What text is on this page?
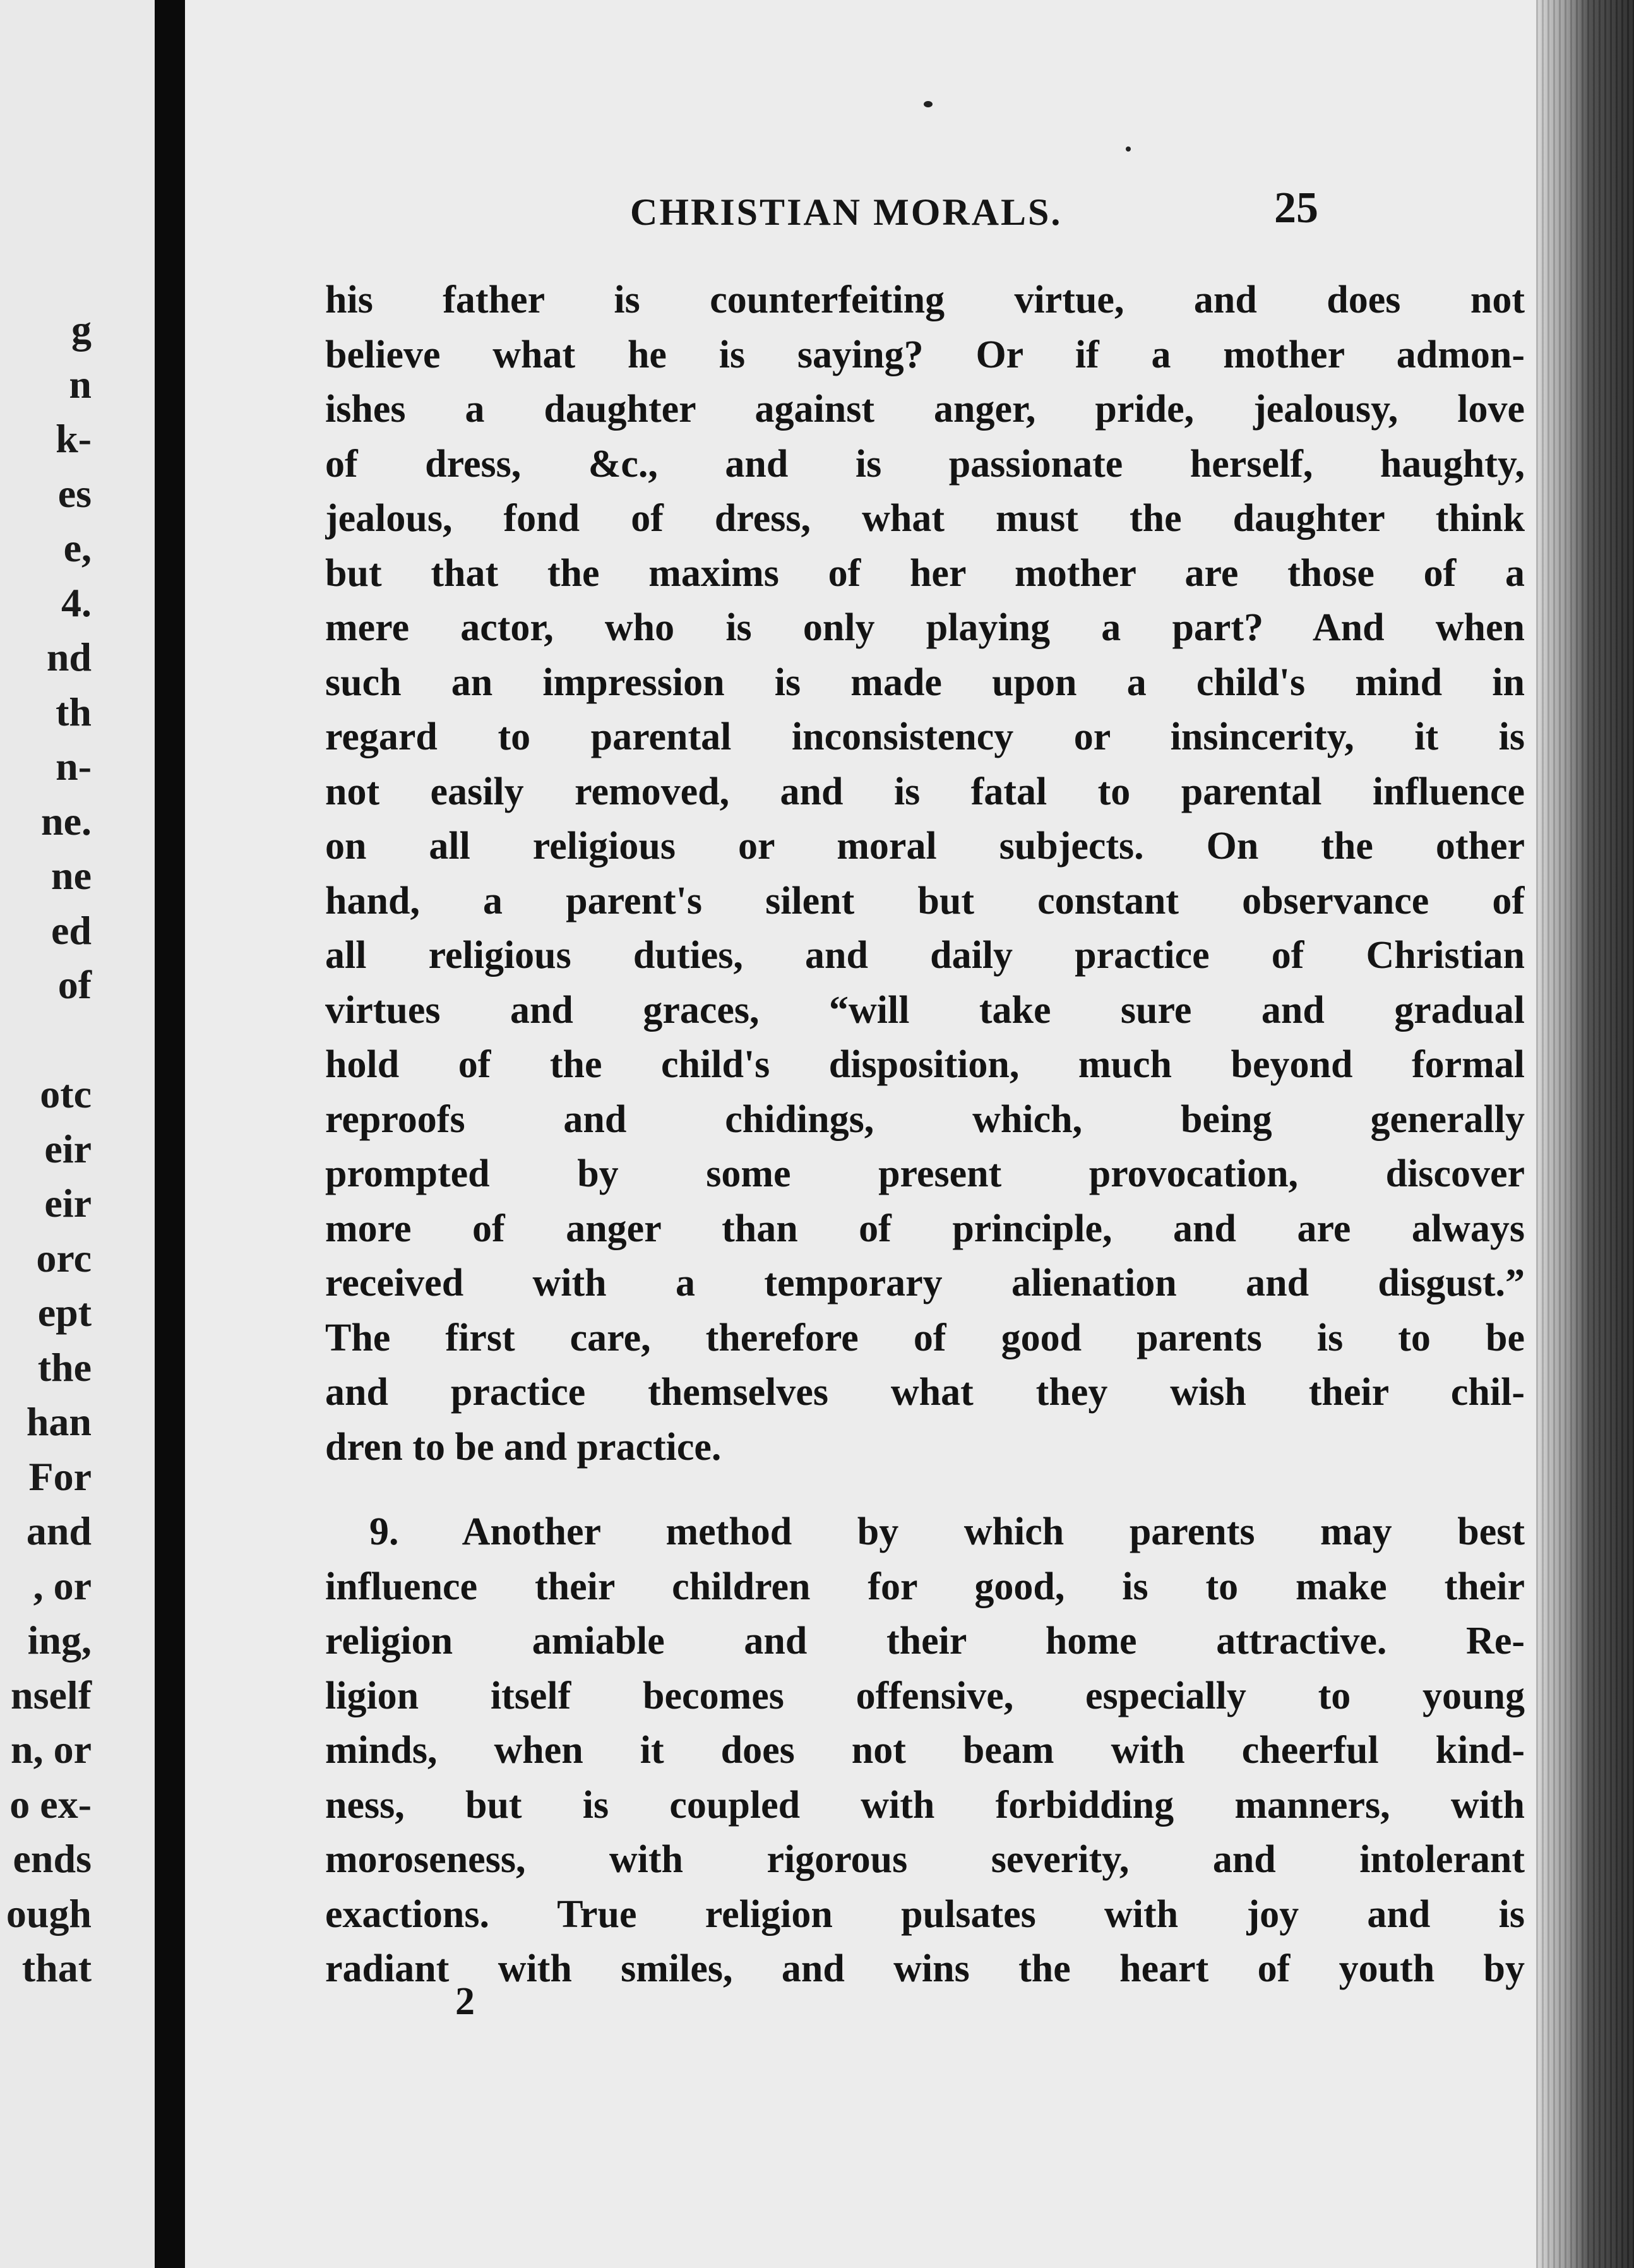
g
n
k-
es
e,
4.
nd
th
n-
ne.
ne
ed
of
otc
eir
eir
orc
ept
the
han
For
and
, or
ing,
nself
n, or
o ex-
ends
ough
that
CHRISTIAN MORALS.	25
his father is counterfeiting virtue, and does not
believe what he is saying? Or if a mother admon-
ishes a daughter against anger, pride, jealousy, love
of dress, &c., and is passionate herself, haughty,
jealous, fond of dress, what must the daughter think
but that the maxims of her mother are those of a
mere actor, who is only playing a part? And when
such an impression is made upon a child's mind in
regard to parental inconsistency or insincerity, it is
not easily removed, and is fatal to parental influence
on all religious or moral subjects. On the other
hand, a parent's silent but constant observance of
all religious duties, and daily practice of Christian
virtues and graces, “will take sure and gradual
hold of the child's disposition, much beyond formal
reproofs and chidings, which, being generally
prompted by some present provocation, discover
more of anger than of principle, and are always
received with a temporary alienation and disgust.”
The first care, therefore of good parents is to be
and practice themselves what they wish their chil-
dren to be and practice.
9. Another method by which parents may best
influence their children for good, is to make their
religion amiable and their home attractive. Re-
ligion itself becomes offensive, especially to young
minds, when it does not beam with cheerful kind-
ness, but is coupled with forbidding manners, with
moroseness, with rigorous severity, and intolerant
exactions. True religion pulsates with joy and is
radiant with smiles, and wins the heart of youth by
2
